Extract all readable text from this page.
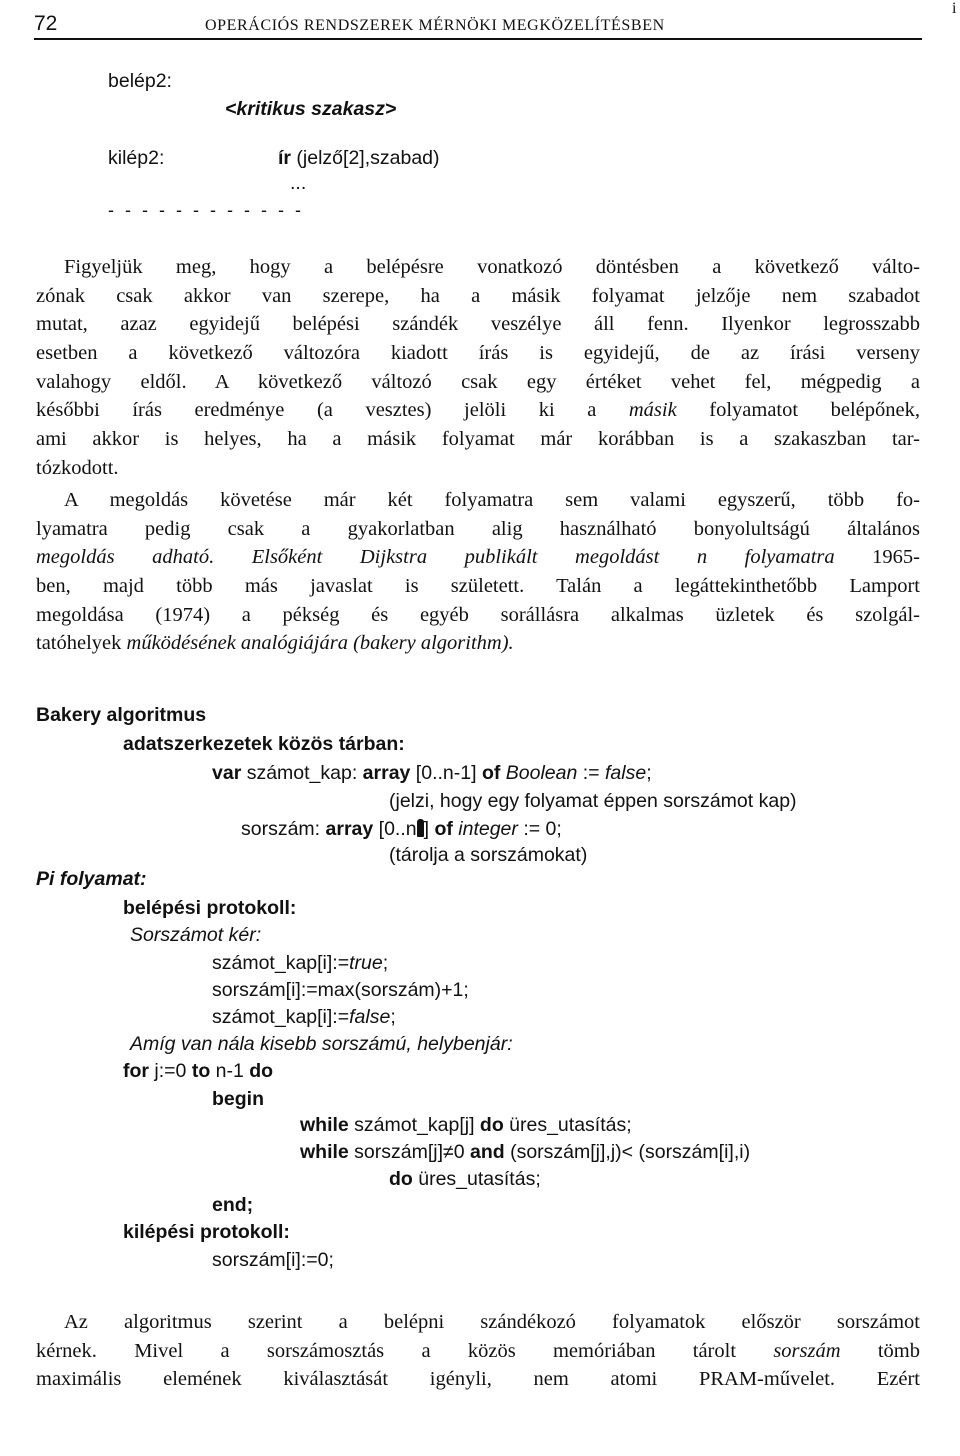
72	OPERÁCIÓS RENDSZEREK MÉRNÖKI MEGKÖZELÍTÉSBEN
i
belép2:
<kritikus szakasz>
kilép2:	ír (jelző[2],szabad)
...
- - - - - - - - - - - -
Figyeljük meg, hogy a belépésre vonatkozó döntésben a következő válto-
zónak csak akkor van szerepe, ha a másik folyamat jelzője nem szabadot
mutat, azaz egyidejű belépési szándék veszélye áll fenn. Ilyenkor legrosszabb
esetben a következő változóra kiadott írás is egyidejű, de az írási verseny
valahogy eldől. A következő változó csak egy értéket vehet fel, mégpedig a
későbbi írás eredménye (a vesztes) jelöli ki a másik folyamatot belépőnek,
ami akkor is helyes, ha a másik folyamat már korábban is a szakaszban tar-
tózkodott.
A megoldás követése már két folyamatra sem valami egyszerű, több fo-
lyamatra pedig csak a gyakorlatban alig használható bonyolultságú általános
megoldás adható. Elsőként Dijkstra publikált megoldást n folyamatra 1965-
ben, majd több más javaslat is született. Talán a legáttekinthetőbb Lamport
megoldása (1974) a pékség és egyéb sorállásra alkalmas üzletek és szolgál-
tatóhelyek működésének analógiájára (bakery algorithm).
Bakery algoritmus
adatszerkezetek közös tárban:
var számot_kap: array [0..n-1] of Boolean := false;
(jelzi, hogy egy folyamat éppen sorszámot kap)
sorszám: array [0..n ] of integer := 0;
(tárolja a sorszámokat)
Pi folyamat:
belépési protokoll:
Sorszámot kér:
számot_kap[i]:=true;
sorszám[i]:=max(sorszám)+1;
számot_kap[i]:=false;
Amíg van nála kisebb sorszámú, helybenjár:
for j:=0 to n-1 do
begin
while számot_kap[j] do üres_utasítás;
while sorszám[j]≠0 and (sorszám[j],j)< (sorszám[i],i)
do üres_utasítás;
end;
kilépési protokoll:
sorszám[i]:=0;
Az algoritmus szerint a belépni szándékozó folyamatok először sorszámot
kérnek. Mivel a sorszámosztás a közös memóriában tárolt sorszám tömb
maximális elemének kiválasztását igényli, nem atomi PRAM-művelet. Ezért
